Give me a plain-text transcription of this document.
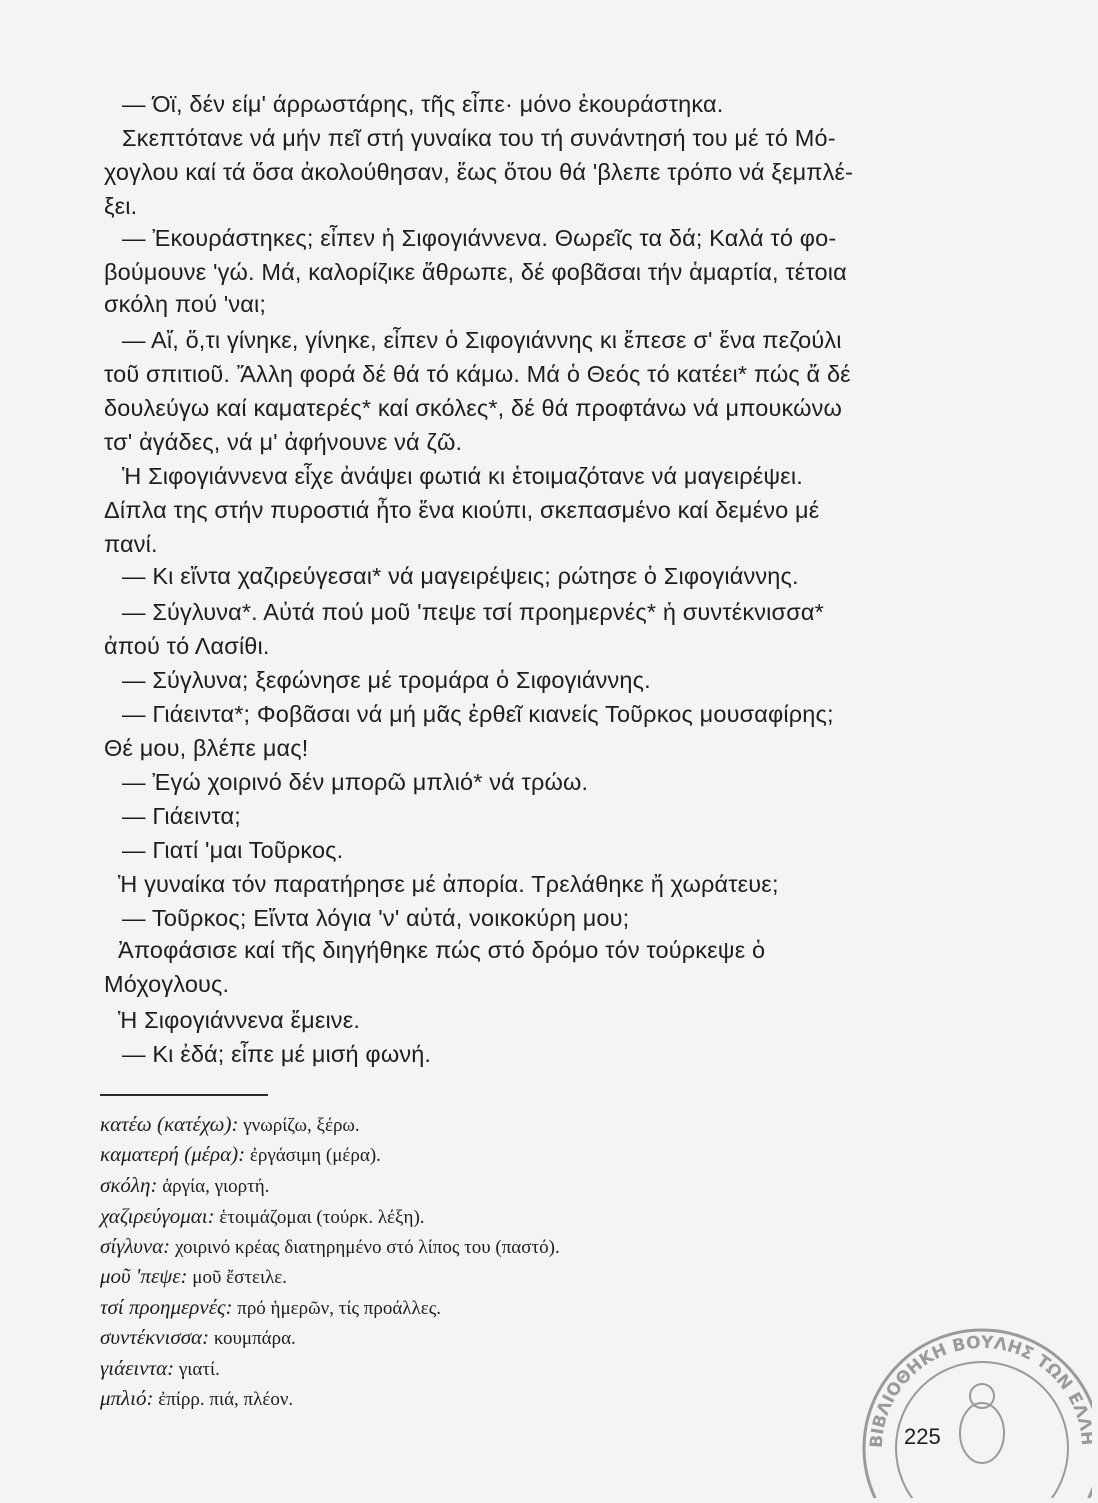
— Όϊ, δέν είμ' άρρωστάρης, τῆς εἶπε· μόνο ἐκουράστηκα.
Σκεπτότανε νά μήν πεῖ στή γυναίκα του τή συνάντησή του μέ τό Μό-
χογλου καί τά ὅσα ἀκολούθησαν, ἕως ὅτου θά 'βλεπε τρόπο νά ξεμπλέ-
ξει.
— Ἐκουράστηκες; εἶπεν ἡ Σιφογιάννενα. Θωρεῖς τα δά; Καλά τό φο-
βούμουνε 'γώ. Μά, καλορίζικε ἄθρωπε, δέ φοβᾶσαι τήν ἁμαρτία, τέτοια
σκόλη πού 'ναι;
— Αἴ, ὅ,τι γίνηκε, γίνηκε, εἶπεν ὁ Σιφογιάννης κι ἔπεσε σ' ἕνα πεζούλι
τοῦ σπιτιοῦ. Ἄλλη φορά δέ θά τό κάμω. Μά ὁ Θεός τό κατέει* πώς ἄ δέ
δουλεύγω καί καματερές* καί σκόλες*, δέ θά προφτάνω νά μπουκώνω
τσ' ἀγάδες, νά μ' ἀφήνουνε νά ζῶ.
Ἡ Σιφογιάννενα εἶχε ἀνάψει φωτιά κι ἑτοιμαζότανε νά μαγειρέψει.
Δίπλα της στήν πυροστιά ἦτο ἕνα κιούπι, σκεπασμένο καί δεμένο μέ
πανί.
— Κι εἴντα χαζιρεύγεσαι* νά μαγειρέψεις; ρώτησε ὁ Σιφογιάννης.
— Σύγλυνα*. Αὐτά πού μοῦ 'πεψε τσί προημερνές* ἡ συντέκνισσα*
ἀπού τό Λασίθι.
— Σύγλυνα; ξεφώνησε μέ τρομάρα ὁ Σιφογιάννης.
— Γιάειντα*; Φοβᾶσαι νά μή μᾶς ἐρθεῖ κιανείς Τοῦρκος μουσαφίρης;
Θέ μου, βλέπε μας!
— Ἐγώ χοιρινό δέν μπορῶ μπλιό* νά τρώω.
— Γιάειντα;
— Γιατί 'μαι Τοῦρκος.
Ἡ γυναίκα τόν παρατήρησε μέ ἀπορία. Τρελάθηκε ἤ χωράτευε;
— Τοῦρκος; Εἴντα λόγια 'ν' αὐτά, νοικοκύρη μου;
Ἀποφάσισε καί τῆς διηγήθηκε πώς στό δρόμο τόν τούρκεψε ὁ
Μόχογλους.
Ἡ Σιφογιάννενα ἔμεινε.
— Κι ἐδά; εἶπε μέ μισή φωνή.
κατέω (κατέχω): γνωρίζω, ξέρω.
καματερή (μέρα): ἐργάσιμη (μέρα).
σκόλη: ἀργία, γιορτή.
χαζιρεύγομαι: ἑτοιμάζομαι (τούρκ. λέξη).
σίγλυνα: χοιρινό κρέας διατηρημένο στό λίπος του (παστό).
μοῦ 'πεψε: μοῦ ἔστειλε.
τσί προημερνές: πρό ἡμερῶν, τίς προάλλες.
συντέκνισσα: κουμπάρα.
γιάειντα: γιατί.
μπλιό: ἐπίρρ. πιά, πλέον.
ΒΙΒΛΙΟΘΗΚΗ ΒΟΥΛΗΣ ΤΩΝ ΕΛ
225
